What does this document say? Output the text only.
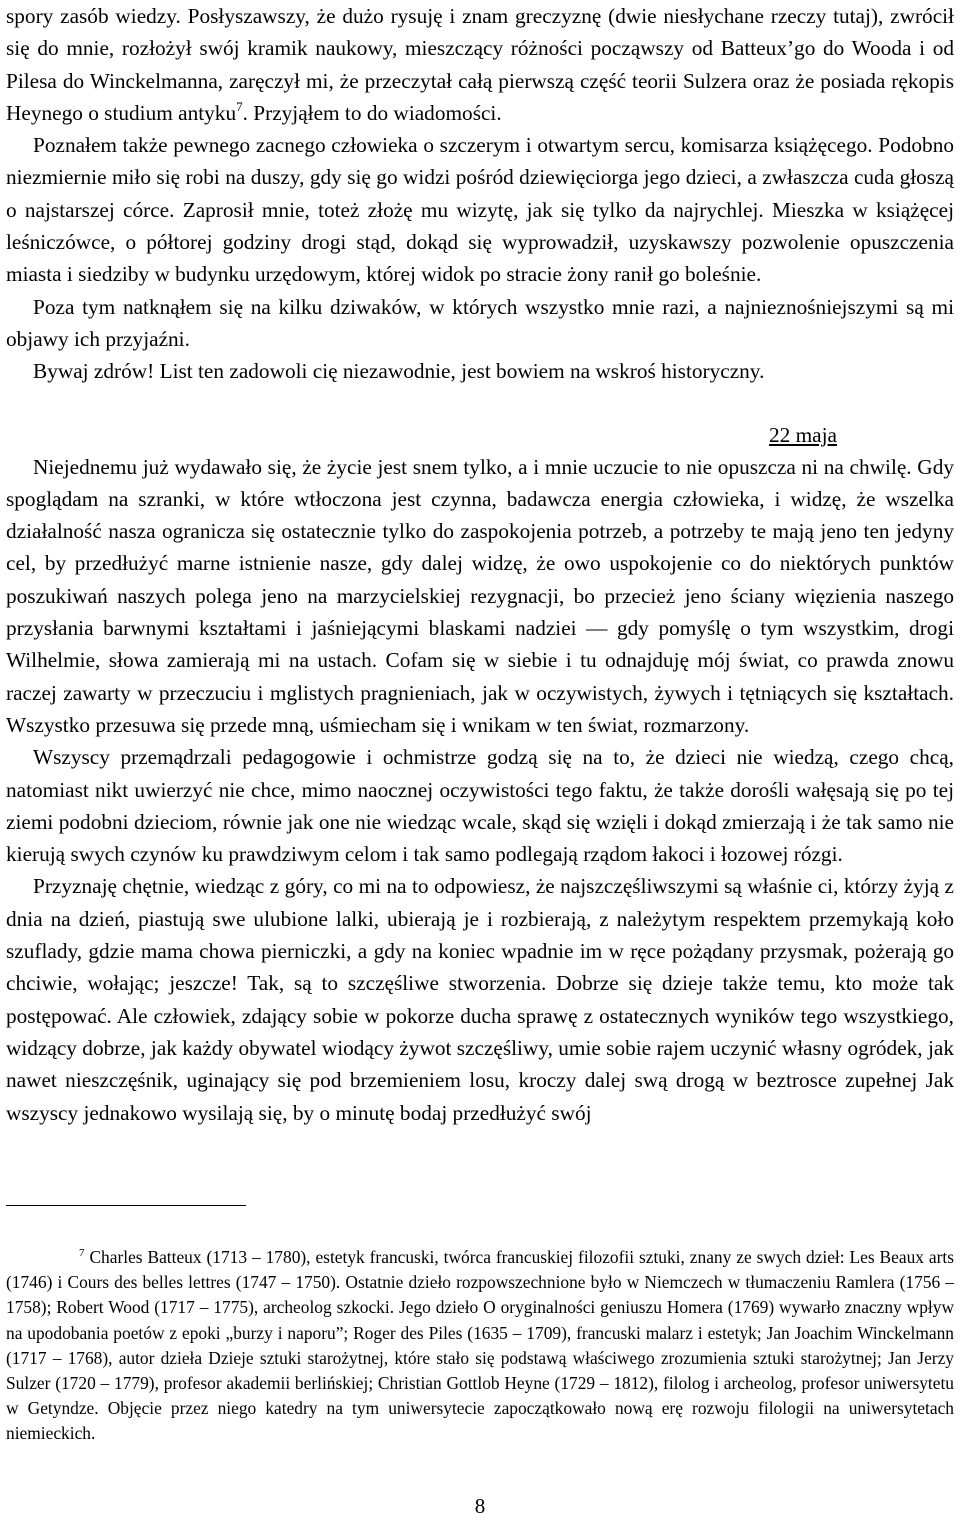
spory zasób wiedzy. Posłyszawszy, że dużo rysuję i znam greczyznę (dwie niesłychane rzeczy tutaj), zwrócił się do mnie, rozłożył swój kramik naukowy, mieszczący różności począwszy od Batteux’go do Wooda i od Pilesa do Winckelmanna, zaręczył mi, że przeczytał całą pierwszą część teorii Sulzera oraz że posiada rękopis Heynego o studium antyku$^7$. Przyjąłem to do wiadomości.

Poznałem także pewnego zacnego człowieka o szczerym i otwartym sercu, komisarza książęcego. Podobno niezmiernie miło się robi na duszy, gdy się go widzi pośród dziewięciorga jego dzieci, a zwłaszcza cuda głoszą o najstarszej córce. Zaprosił mnie, toteż złożę mu wizytę, jak się tylko da najrychlej. Mieszka w książęcej leśniczówce, o półtorej godziny drogi stąd, dokąd się wyprowadził, uzyskawszy pozwolenie opuszczenia miasta i siedziby w budynku urzędowym, której widok po stracie żony ranił go boleśnie.

Poza tym natknąłem się na kilku dziwaków, w których wszystko mnie razi, a najnieznośniejszymi są mi objawy ich przyjaźni.

Bywaj zdrów! List ten zadowoli cię niezawodnie, jest bowiem na wskroś historyczny.

22 maja

Niejednemu już wydawało się, że życie jest snem tylko, a i mnie uczucie to nie opuszcza ni na chwilę. Gdy spoglądam na szranki, w które wtłoczona jest czynna, badawcza energia człowieka, i widzę, że wszelka działalność nasza ogranicza się ostatecznie tylko do zaspokojenia potrzeb, a potrzeby te mają jeno ten jedyny cel, by przedłużyć marne istnienie nasze, gdy dalej widzę, że owo uspokojenie co do niektórych punktów poszukiwań naszych polega jeno na marzycielskiej rezygnacji, bo przecież jeno ściany więzienia naszego przysłania barwnymi kształtami i jaśniejącymi blaskami nadziei — gdy pomyślę o tym wszystkim, drogi Wilhelmie, słowa zamierają mi na ustach. Cofam się w siebie i tu odnajduję mój świat, co prawda znowu raczej zawarty w przeczuciu i mglistych pragnieniach, jak w oczywistych, żywych i tętniących się kształtach. Wszystko przesuwa się przede mną, uśmiecham się i wnikam w ten świat, rozmarzony.

Wszyscy przemądrzali pedagogowie i ochmistrze godzą się na to, że dzieci nie wiedzą, czego chcą, natomiast nikt uwierzyć nie chce, mimo naocznej oczywistości tego faktu, że także dorośli wałęsają się po tej ziemi podobni dzieciom, równie jak one nie wiedząc wcale, skąd się wzięli i dokąd zmierzają i że tak samo nie kierują swych czynów ku prawdziwym celom i tak samo podlegają rządom łakoci i łozowej rózgi.

Przyznaję chętnie, wiedząc z góry, co mi na to odpowiesz, że najszczęśliwszymi są właśnie ci, którzy żyją z dnia na dzień, piastują swe ulubione lalki, ubierają je i rozbierają, z należytym respektem przemykają koło szuflady, gdzie mama chowa pierniczki, a gdy na koniec wpadnie im w ręce pożądany przysmak, pożerają go chciwie, wołając; jeszcze! Tak, są to szczęśliwe stworzenia. Dobrze się dzieje także temu, kto może tak postępować. Ale człowiek, zdający sobie w pokorze ducha sprawę z ostatecznych wyników tego wszystkiego, widzący dobrze, jak każdy obywatel wiodący żywot szczęśliwy, umie sobie rajem uczynić własny ogródek, jak nawet nieszczęśnik, uginający się pod brzemieniem losu, kroczy dalej swą drogą w beztrosce zupełnej Jak wszyscy jednakowo wysilają się, by o minutę bodaj przedłużyć swój

$^7$ Charles Batteux (1713 – 1780), estetyk francuski, twórca francuskiej filozofii sztuki, znany ze swych dzieł: Les Beaux arts (1746) i Cours des belles lettres (1747 – 1750). Ostatnie dzieło rozpowszechnione było w Niemczech w tłumaczeniu Ramlera (1756 – 1758); Robert Wood (1717 – 1775), archeolog szkocki. Jego dzieło O oryginalności geniuszu Homera (1769) wywarło znaczny wpływ na upodobania poetów z epoki „burzy i naporu”; Roger des Piles (1635 – 1709), francuski malarz i estetyk; Jan Joachim Winckelmann (1717 – 1768), autor dzieła Dzieje sztuki starożytnej, które stało się podstawą właściwego zrozumienia sztuki starożytnej; Jan Jerzy Sulzer (1720 – 1779), profesor akademii berlińskiej; Christian Gottlob Heyne (1729 – 1812), filolog i archeolog, profesor uniwersytetu w Getyndze. Objęcie przez niego katedry na tym uniwersytecie zapoczątkowało nową erę rozwoju filologii na uniwersytetach niemieckich.

8
